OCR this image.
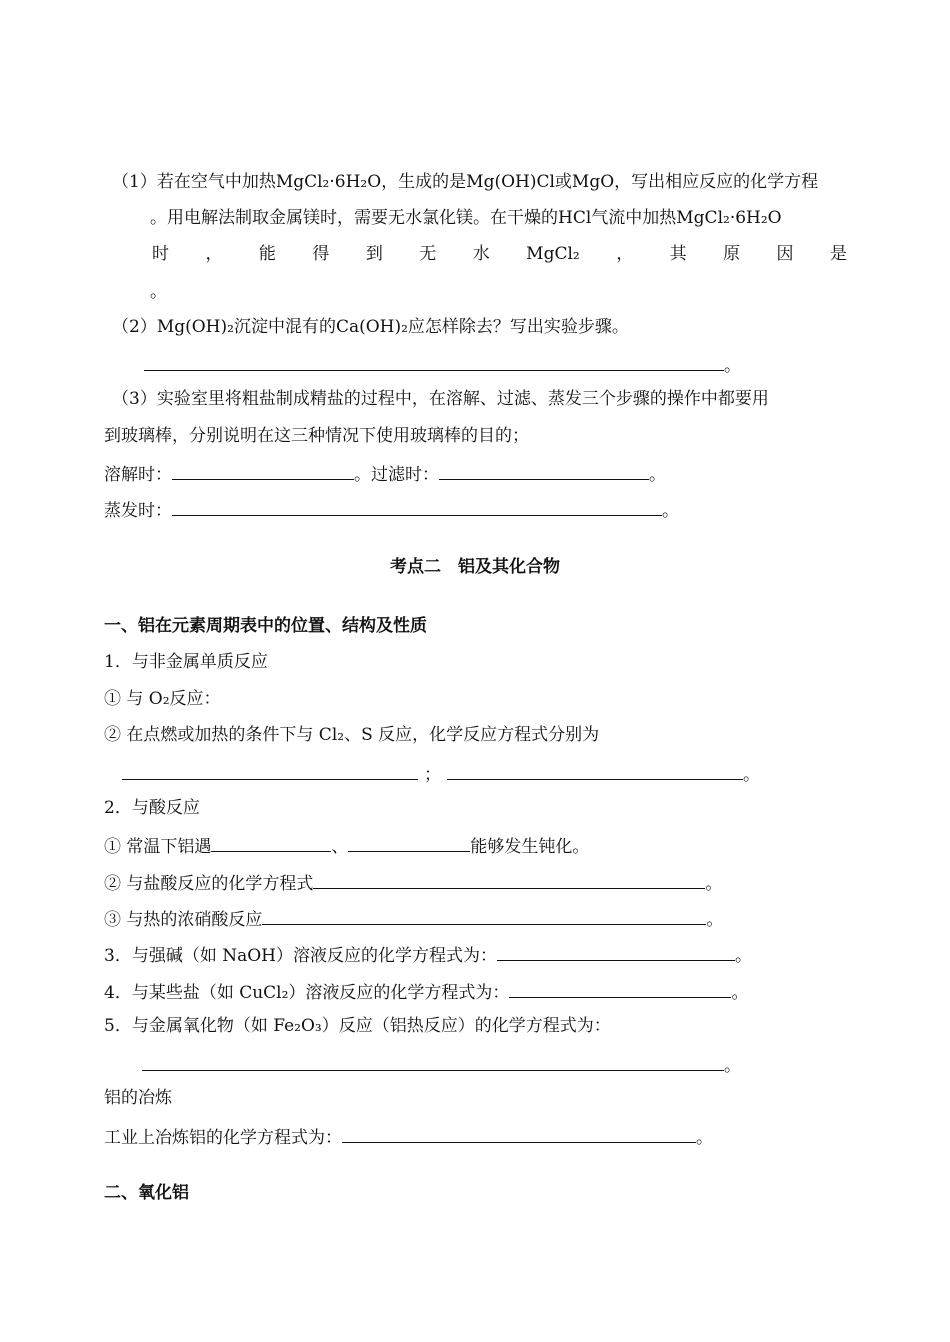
（1）若在空气中加热MgCl₂·6H₂O，生成的是Mg(OH)Cl或MgO，写出相应反应的化学方程
。用电解法制取金属镁时，需要无水氯化镁。在干燥的HCl气流中加热MgCl₂·6H₂O
时 ， 能 得 到 无 水 MgCl₂ ， 其 原 因 是
。
（2）Mg(OH)₂沉淀中混有的Ca(OH)₂应怎样除去？写出实验步骤。
。
（3）实验室里将粗盐制成精盐的过程中，在溶解、过滤、蒸发三个步骤的操作中都要用
到玻璃棒，分别说明在这三种情况下使用玻璃棒的目的；
溶解时：	。过滤时：	。
蒸发时：	。
考点二　铝及其化合物
一、铝在元素周期表中的位置、结构及性质
1．与非金属单质反应
① 与 O₂反应：
② 在点燃或加热的条件下与 Cl₂、S 反应，化学反应方程式分别为
；	。
2．与酸反应
① 常温下铝遇	、	能够发生钝化。
② 与盐酸反应的化学方程式	。
③ 与热的浓硝酸反应	。
3．与强碱（如 NaOH）溶液反应的化学方程式为：	。
4．与某些盐（如 CuCl₂）溶液反应的化学方程式为：	。
5．与金属氧化物（如 Fe₂O₃）反应（铝热反应）的化学方程式为：
。
铝的冶炼
工业上冶炼铝的化学方程式为：	。
二、氧化铝
